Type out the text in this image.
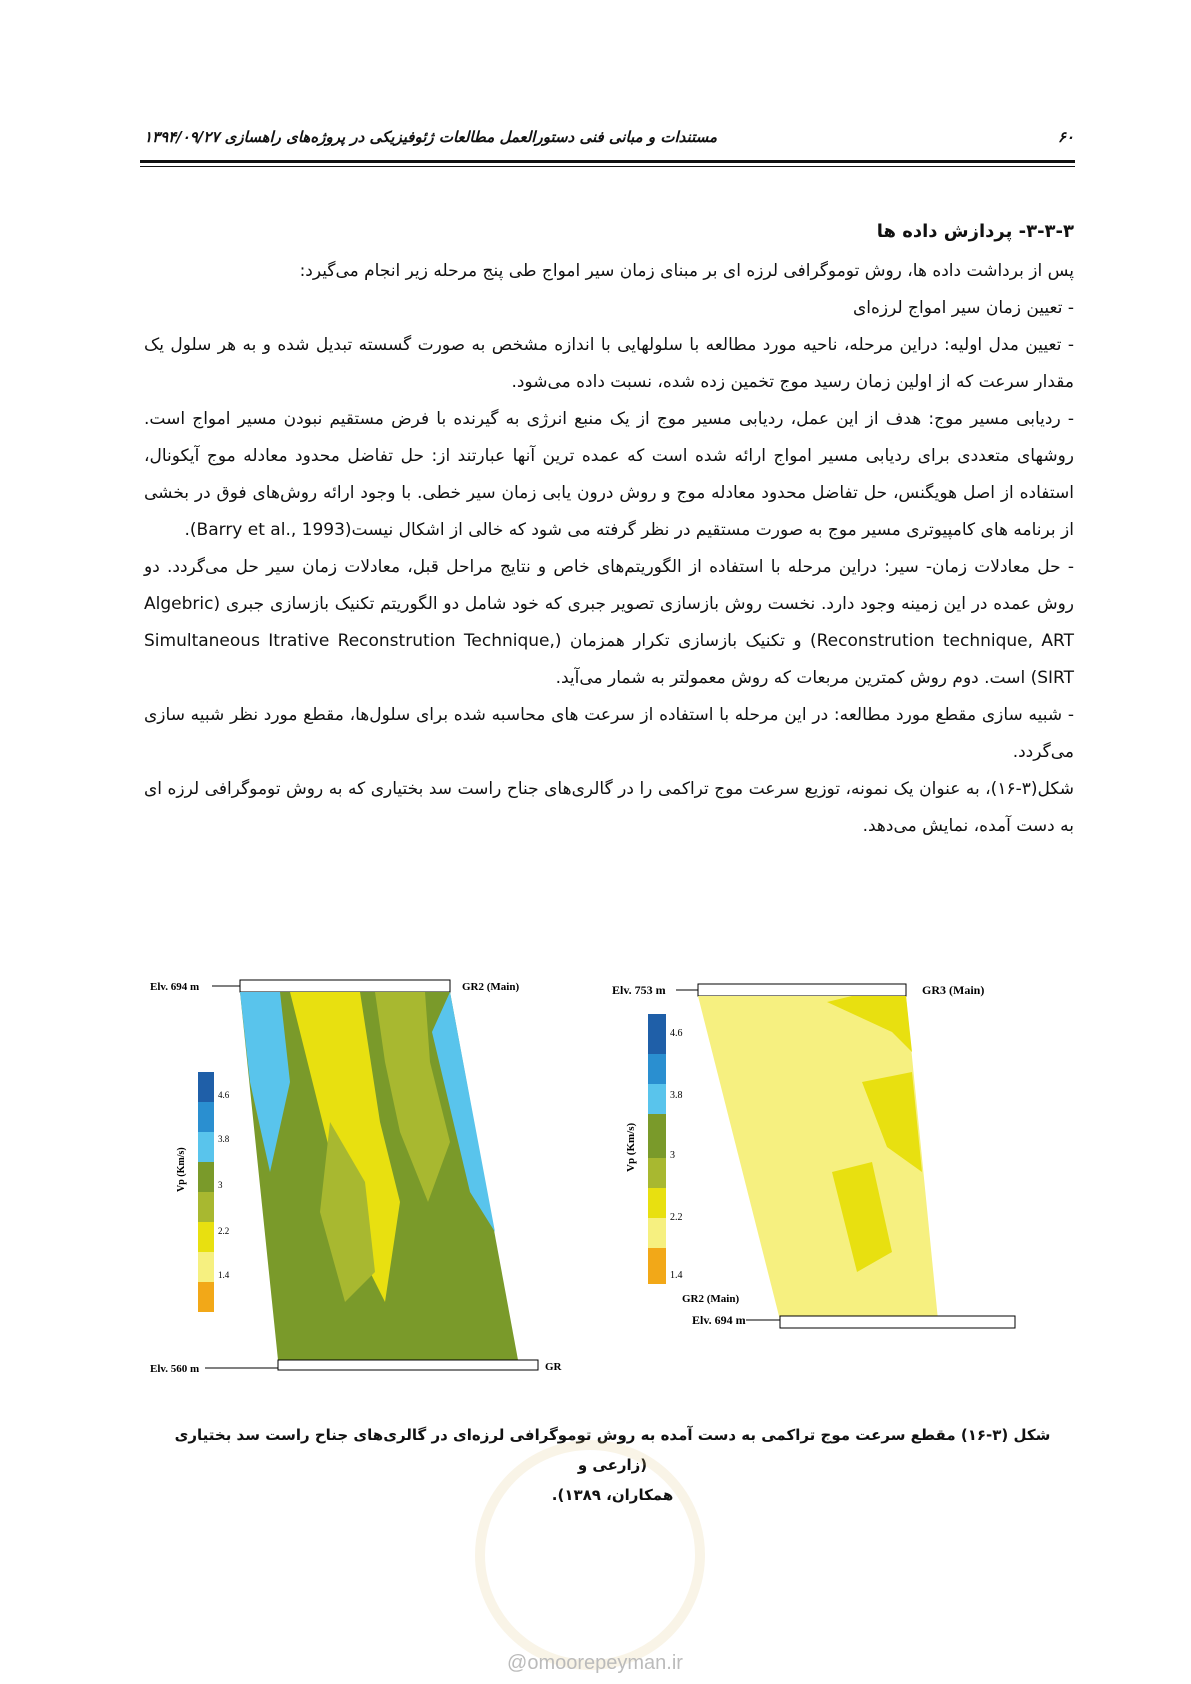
۶۰
مستندات و مبانی فنی دستورالعمل مطالعات ژئوفیزیکی در پروژه‌های راهسازی ۱۳۹۴/۰۹/۲۷
۳-۳-۳- پردازش داده ها

پس از برداشت داده ها، روش توموگرافی لرزه ای بر مبنای زمان سیر امواج طی پنج مرحله زیر انجام می‌گیرد:

- تعیین زمان سیر امواج لرزه‌ای

- تعیین مدل اولیه: دراین مرحله، ناحیه مورد مطالعه با سلولهایی با اندازه مشخص به صورت گسسته تبدیل شده و به هر سلول یک مقدار سرعت که از اولین زمان رسید موج تخمین زده شده، نسبت داده می‌شود.

- ردیابی مسیر موج: هدف از این عمل، ردیابی مسیر موج از یک منبع انرژی به گیرنده با فرض مستقیم نبودن مسیر امواج است. روشهای متعددی برای ردیابی مسیر امواج ارائه شده است که عمده ترین آنها عبارتند از: حل تفاضل محدود معادله موج آیکونال، استفاده از اصل هویگنس، حل تفاضل محدود معادله موج و روش درون یابی زمان سیر خطی. با وجود ارائه روش‌های فوق در بخشی از برنامه های کامپیوتری مسیر موج به صورت مستقیم در نظر گرفته می شود که خالی از اشکال نیست(Barry et al., 1993).

- حل معادلات زمان- سیر: دراین مرحله با استفاده از الگوریتم‌های خاص و نتایج مراحل قبل، معادلات زمان سیر حل می‌گردد. دو روش عمده در این زمینه وجود دارد. نخست روش بازسازی تصویر جبری که خود شامل دو الگوریتم تکنیک بازسازی جبری (Algebric Reconstrution technique, ART) و تکنیک بازسازی تکرار همزمان (Simultaneous Itrative Reconstrution Technique, SIRT) است. دوم روش کمترین مربعات که روش معمولتر به شمار می‌آید.

- شبیه سازی مقطع مورد مطالعه: در این مرحله با استفاده از سرعت های محاسبه شده برای سلول‌ها، مقطع مورد نظر شبیه سازی می‌گردد.

شکل(۳-۱۶)، به عنوان یک نمونه، توزیع سرعت موج تراکمی را در گالری‌های جناح راست سد بختیاری که به روش توموگرافی لرزه ای به دست آمده، نمایش می‌دهد.

Elv. 694 m	GR2 (Main)
Elv. 560 m	GR
4.6
3.8
3
2.2
1.4
Vp (Km/s)
Elv. 753 m	GR3 (Main)
GR2 (Main)
Elv. 694 m
4.6
3.8
3
2.2
1.4
Vp (Km/s)
شکل (۳-۱۶) مقطع سرعت موج تراکمی به دست آمده به روش توموگرافی لرزه‌ای در گالری‌های جناح راست سد بختیاری (زارعی و
همکاران، ۱۳۸۹).
@omoorepeyman.ir
